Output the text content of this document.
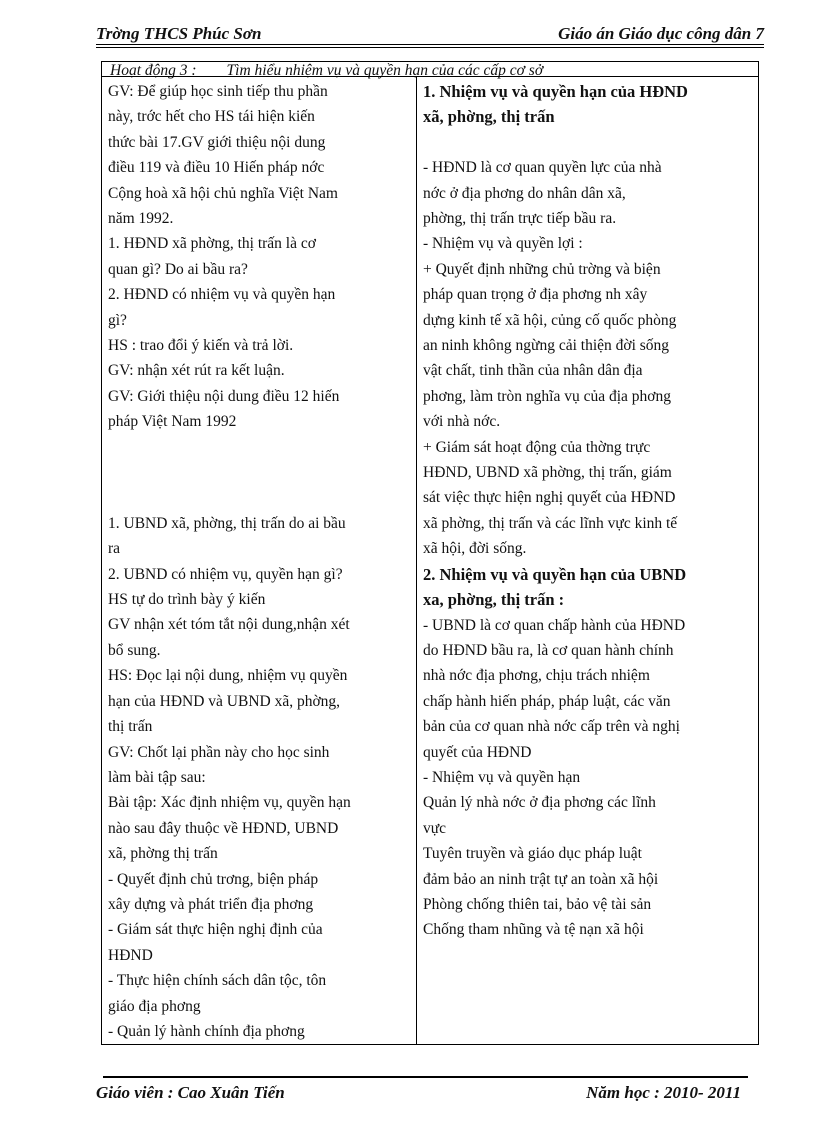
Trờng THCS Phúc Sơn	Giáo án Giáo dục công dân 7
Hoạt động 3 : Tìm hiểu nhiệm vụ và quyền hạn của các cấp cơ sở
GV: Để giúp học sinh tiếp thu phần
này, trớc hết cho HS tái hiện kiến
thức bài 17.GV giới thiệu nội dung
điều 119 và điều 10 Hiến pháp nớc
Cộng hoà xã hội chủ nghĩa Việt Nam
năm 1992.
1. HĐND xã phờng, thị trấn là cơ
quan gì? Do ai bầu ra?
2. HĐND có nhiệm vụ và quyền hạn
gì?
HS : trao đổi ý kiến và trả lời.
GV: nhận xét rút ra kết luận.
GV: Giới thiệu nội dung điều 12 hiến
pháp Việt Nam 1992
1. UBND xã, phờng, thị trấn do ai bầu
ra
2. UBND có nhiệm vụ, quyền hạn gì?
HS tự do trình bày ý kiến
GV nhận xét tóm tắt nội dung,nhận xét
bổ sung.
HS: Đọc lại nội dung, nhiệm vụ quyền
hạn của HĐND và UBND xã, phờng,
thị trấn
GV: Chốt lại phần này cho học sinh
làm bài tập sau:
Bài tập: Xác định nhiệm vụ, quyền hạn
nào sau đây thuộc về HĐND, UBND
xã, phờng thị trấn
- Quyết định chủ trơng, biện pháp
xây dựng và phát triển địa phơng
- Giám sát thực hiện nghị định của
HĐND
- Thực hiện chính sách dân tộc, tôn
giáo địa phơng
- Quản lý hành chính địa phơng
1. Nhiệm vụ và quyền hạn của HĐND
xã, phờng, thị trấn
- HĐND là cơ quan quyền lực của nhà
nớc ở địa phơng do nhân dân xã,
phờng, thị trấn trực tiếp bầu ra.
- Nhiệm vụ và quyền lợi :
+ Quyết định những chủ trờng và biện
pháp quan trọng ở địa phơng nh xây
dựng kinh tế xã hội, củng cố quốc phòng
an ninh không ngừng cải thiện đời sống
vật chất, tinh thần của nhân dân địa
phơng, làm tròn nghĩa vụ của địa phơng
với nhà nớc.
+ Giám sát hoạt động của thờng trực
HĐND, UBND xã phờng, thị trấn, giám
sát việc thực hiện nghị quyết của HĐND
xã phờng, thị trấn và các lĩnh vực kinh tế
xã hội, đời sống.
2. Nhiệm vụ và quyền hạn của UBND
xa, phờng, thị trấn :
- UBND là cơ quan chấp hành của HĐND
do HĐND bầu ra, là cơ quan hành chính
nhà nớc địa phơng, chịu trách nhiệm
chấp hành hiến pháp, pháp luật, các văn
bản của cơ quan nhà nớc cấp trên và nghị
quyết của HĐND
- Nhiệm vụ và quyền hạn
Quản lý nhà nớc ở địa phơng các lĩnh
vực
Tuyên truyền và giáo dục pháp luật
đảm bảo an ninh trật tự an toàn xã hội
Phòng chống thiên tai, bảo vệ tài sản
Chống tham nhũng và tệ nạn xã hội
Giáo viên : Cao Xuân Tiến	Năm học : 2010- 2011
